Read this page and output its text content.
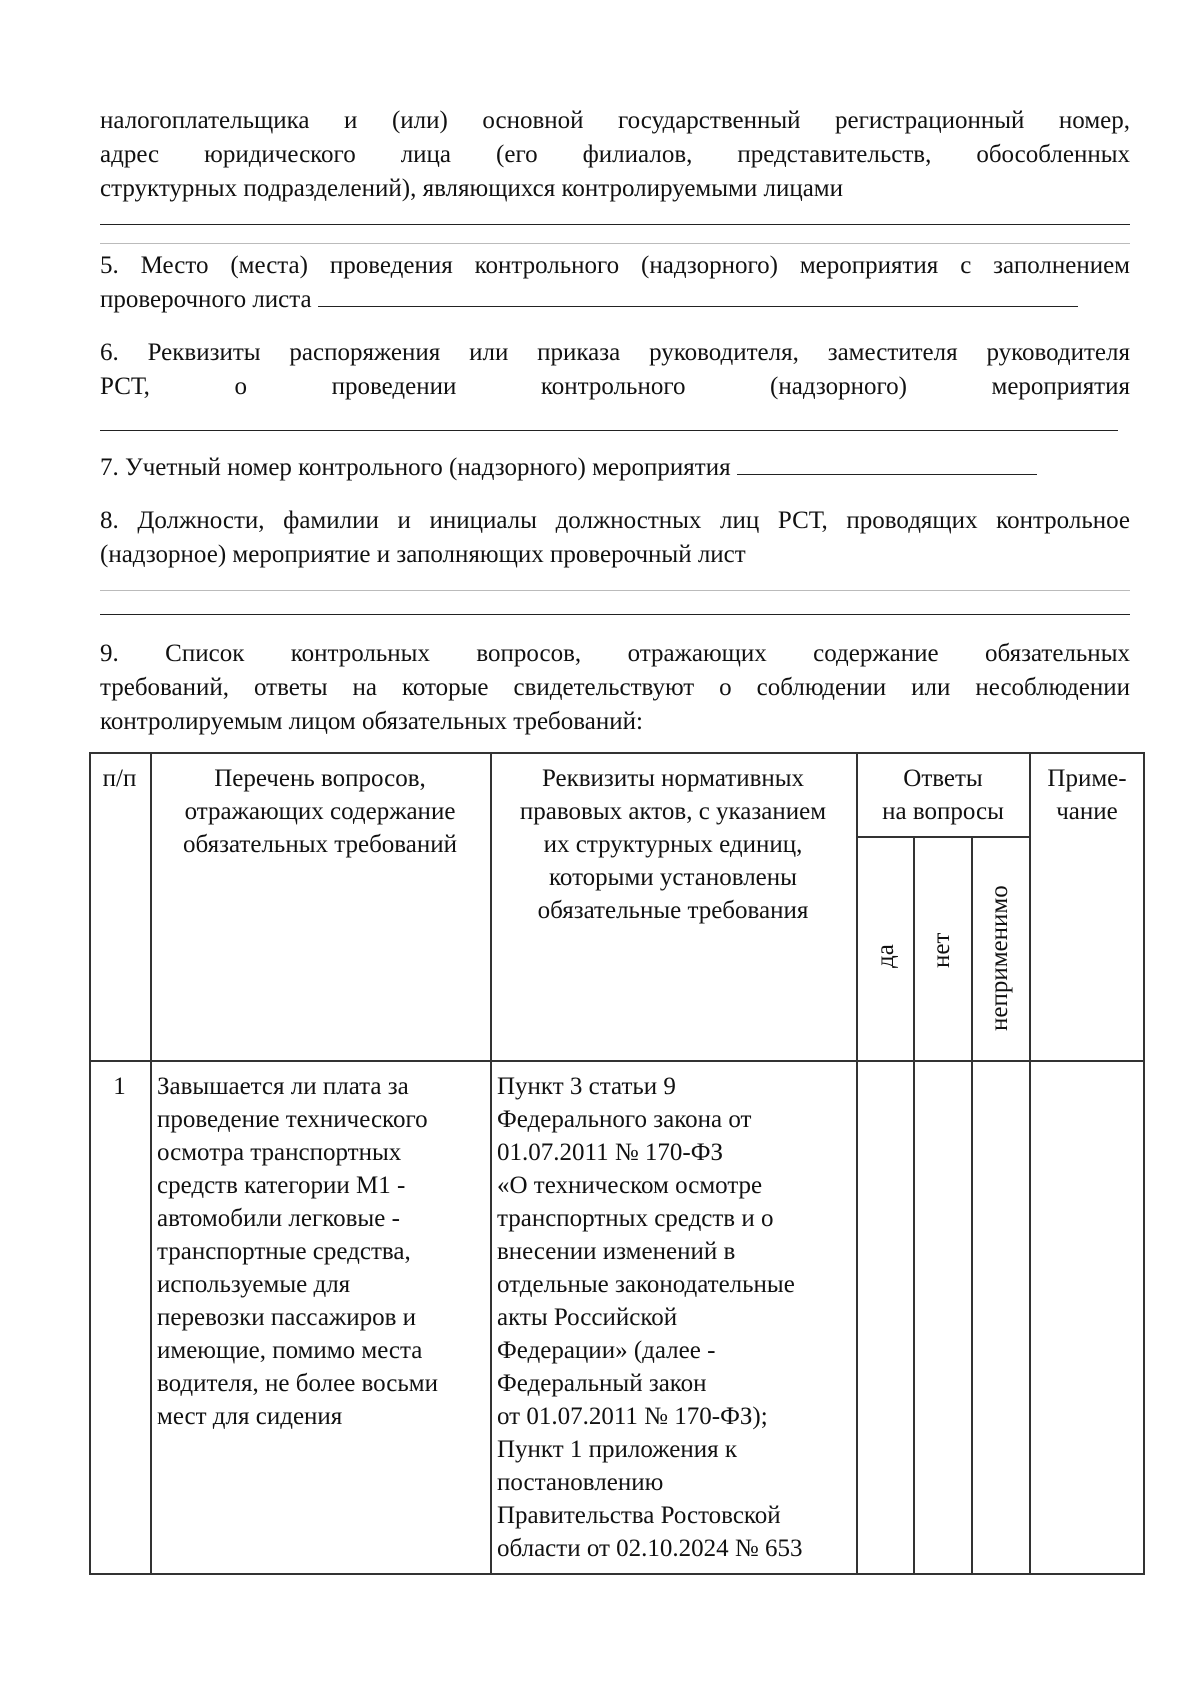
налогоплательщика и (или) основной государственный регистрационный номер,
адрес юридического лица (его филиалов, представительств, обособленных
структурных подразделений), являющихся контролируемыми лицами
5. Место (места) проведения контрольного (надзорного) мероприятия с заполнением
проверочного листа
6. Реквизиты распоряжения или приказа руководителя, заместителя руководителя
РСТ, о проведении контрольного (надзорного) мероприятия
7. Учетный номер контрольного (надзорного) мероприятия
8. Должности, фамилии и инициалы должностных лиц РСТ, проводящих контрольное
(надзорное) мероприятие и заполняющих проверочный лист
9. Список контрольных вопросов, отражающих содержание обязательных
требований, ответы на которые свидетельствуют о соблюдении или несоблюдении
контролируемым лицом обязательных требований:
п/п	Перечень вопросов,
отражающих содержание
обязательных требований
Реквизиты нормативных
правовых актов, с указанием
их структурных единиц,
которыми установлены
обязательные требования
Ответы
на вопросы
Приме-
чание
да нет неприменимо
1	Завышается ли плата за
проведение технического
осмотра транспортных
средств категории М1 -
автомобили легковые -
транспортные средства,
используемые для
перевозки пассажиров и
имеющие, помимо места
водителя, не более восьми
мест для сидения
Пункт 3 статьи 9
Федерального закона от
01.07.2011 № 170-ФЗ
«О техническом осмотре
транспортных средств и о
внесении изменений в
отдельные законодательные
акты Российской
Федерации» (далее -
Федеральный закон
от 01.07.2011 № 170-ФЗ);
Пункт 1 приложения к
постановлению
Правительства Ростовской
области от 02.10.2024 № 653
